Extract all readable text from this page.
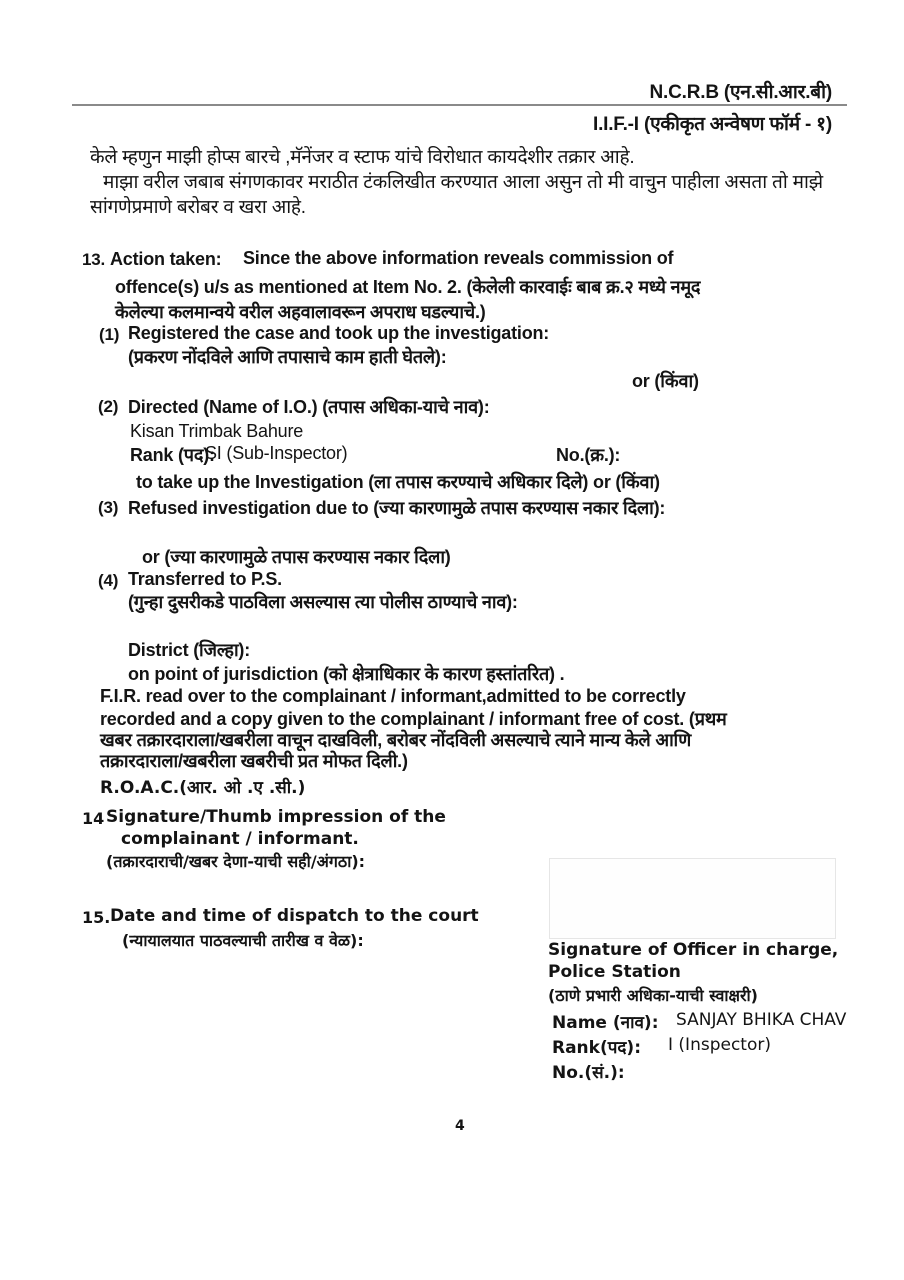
N.C.R.B (एन.सी.आर.बी)
I.I.F.-I (एकीकृत अन्वेषण फॉर्म - १)
केले म्हणुन माझी होप्स बारचे ,मॅनेंजर व स्टाफ यांचे विरोधात कायदेशीर तक्रार आहे.
माझा वरील जबाब संगणकावर मराठीत टंकलिखीत करण्यात आला असुन तो मी वाचुन पाहीला असता तो माझे
सांगणेप्रमाणे बरोबर व खरा आहे.
13. Action taken: Since the above information reveals commission of
offence(s) u/s as mentioned at Item No. 2. (केलेली कारवाईः बाब क्र.२ मध्ये नमूद
केलेल्या कलमान्वये वरील अहवालावरून अपराध घडल्याचे.)
(1) Registered the case and took up the investigation:
(प्रकरण नोंदविले आणि तपासाचे काम हाती घेतले):
or (किंवा)
(2) Directed (Name of I.O.) (तपास अधिका-याचे नाव):
Kisan Trimbak Bahure
Rank (पद):
SI (Sub-Inspector)	No.(क्र.):
to take up the Investigation (ला तपास करण्याचे अधिकार दिले) or (किंवा)
(3) Refused investigation due to (ज्या कारणामुळे तपास करण्यास नकार दिला):
or (ज्या कारणामुळे तपास करण्यास नकार दिला)
(4) Transferred to P.S.
(गुन्हा दुसरीकडे पाठविला असल्यास त्या पोलीस ठाण्याचे नाव):
District (जिल्हा):
on point of jurisdiction (को क्षेत्राधिकार के कारण हस्तांतरित) .
F.I.R. read over to the complainant / informant,admitted to be correctly
recorded and a copy given to the complainant / informant free of cost. (प्रथम
खबर तक्रारदाराला/खबरीला वाचून दाखविली, बरोबर नोंदविली असल्याचे त्याने मान्य केले आणि
तक्रारदाराला/खबरीला खबरीची प्रत मोफत दिली.)
R.O.A.C.(आर. ओ .ए .सी.)
14 Signature/Thumb impression of the
complainant / informant.
(तक्रारदाराची/खबर देणा-याची सही/अंगठा):
15. Date and time of dispatch to the court
(न्यायालयात पाठवल्याची तारीख व वेळ):	Signature of Officer in charge,
Police Station
(ठाणे प्रभारी अधिका-याची स्वाक्षरी)
Name (नाव): SANJAY BHIKA CHAV
Rank(पद): I (Inspector)
No.(सं.):
4
